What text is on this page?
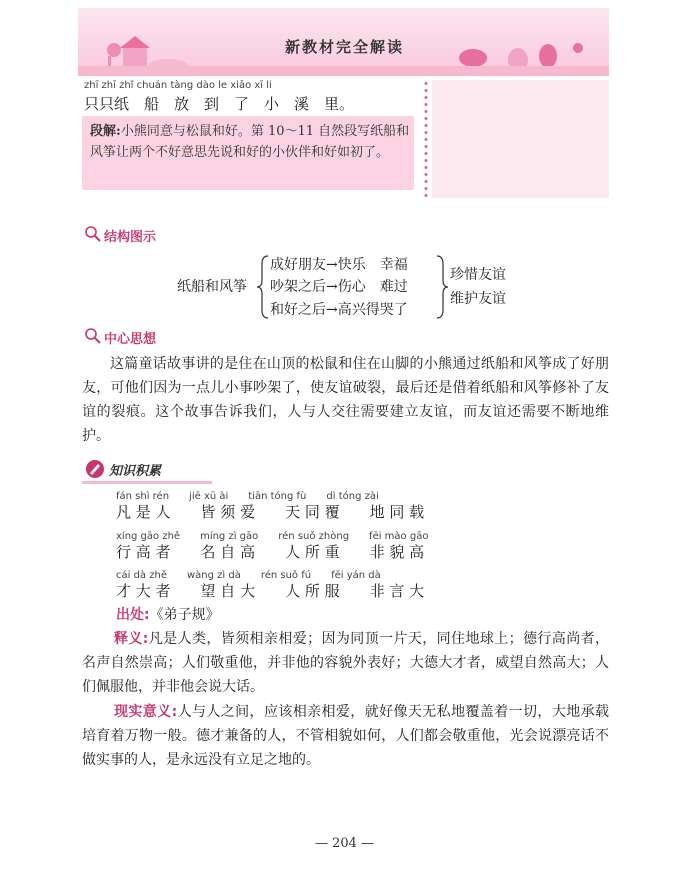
新教材完全解读
zhī zhī zhǐ chuán tàng dào le xiǎo xī li
只只纸　船　放　到　了　小　溪　里。
段解:小熊同意与松鼠和好。第 10～11 自然段写纸船和风筝让两个不好意思先说和好的小伙伴和好如初了。
结构图示
纸船和风筝
成好朋友→快乐　幸福
吵架之后→伤心　难过
和好之后→高兴得哭了
珍惜友谊
维护友谊
中心思想
这篇童话故事讲的是住在山顶的松鼠和住在山脚的小熊通过纸船和风筝成了好朋友，可他们因为一点儿小事吵架了，使友谊破裂，最后还是借着纸船和风筝修补了友谊的裂痕。这个故事告诉我们，人与人交往需要建立友谊，而友谊还需要不断地维护。
知识积累
fán shì rén　　jiē xū ài　　tiān tóng fù　　dì tóng zài
凡 是 人　　皆 须 爱　　天 同 覆　　地 同 载
xíng gāo zhě　　míng zì gāo　　rén suǒ zhòng　　fēi mào gāo
行 高 者　　名 自 高　　人 所 重　　非 貌 高
cái dà zhě　　wàng zì dà　　rén suǒ fú　　fēi yán dà
才 大 者　　望 自 大　　人 所 服　　非 言 大
出处:《弟子规》
释义:凡是人类，皆须相亲相爱；因为同顶一片天，同住地球上；德行高尚者，名声自然崇高；人们敬重他，并非他的容貌外表好；大德大才者，威望自然高大；人们佩服他，并非他会说大话。
现实意义:人与人之间，应该相亲相爱，就好像天无私地覆盖着一切，大地承载培育着万物一般。德才兼备的人，不管相貌如何，人们都会敬重他，光会说漂亮话不做实事的人，是永远没有立足之地的。
— 204 —
